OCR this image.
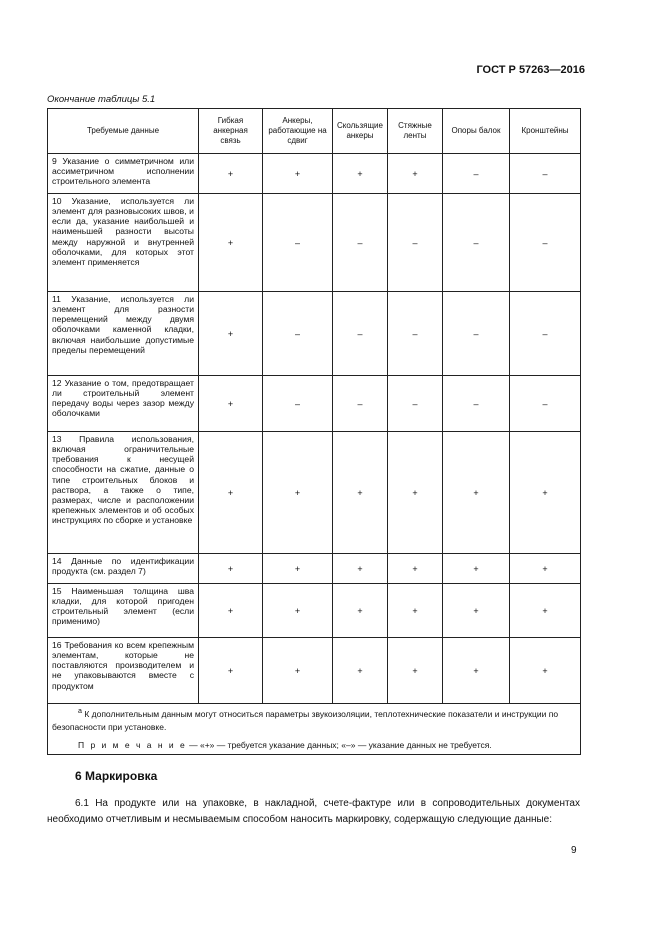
ГОСТ Р 57263—2016
Окончание таблицы 5.1
Требуемые данные	Гибкая анкерная связь	Анкеры, работающие на сдвиг	Скользящие анкеры	Стяжные ленты	Опоры балок	Кронштейны
9 Указание о симметричном или ассиметричном исполнении строительного элемента	+	+	+	+	–	–
10 Указание, используется ли элемент для разновысоких швов, и если да, указание наибольшей и наименьшей разности высоты между наружной и внутренней оболочками, для которых этот элемент применяется	+	–	–	–	–	–
11 Указание, используется ли элемент для разности перемещений между двумя оболочками каменной кладки, включая наибольшие допустимые пределы перемещений	+	–	–	–	–	–
12 Указание о том, предотвращает ли строительный элемент передачу воды через зазор между оболочками	+	–	–	–	–	–
13 Правила использования, включая ограничительные требования к несущей способности на сжатие, данные о типе строительных блоков и раствора, а также о типе, размерах, числе и расположении крепежных элементов и об особых инструкциях по сборке и установке	+	+	+	+	+	+
14 Данные по идентификации продукта (см. раздел 7)	+	+	+	+	+	+
15 Наименьшая толщина шва кладки, для которой пригоден строительный элемент (если применимо)	+	+	+	+	+	+
16 Требования ко всем крепежным элементам, которые не поставляются производителем и не упаковываются вместе с продуктом	+	+	+	+	+	+

$^a$ К дополнительным данным могут относиться параметры звукоизоляции, теплотехнические показатели и инструкции по безопасности при установке.
П р и м е ч а н и е — «+» — требуется указание данных; «–» — указание данных не требуется.						
6 Маркировка
6.1 На продукте или на упаковке, в накладной, счете-фактуре или в сопроводительных документах необходимо отчетливым и несмываемым способом наносить маркировку, содержащую следующие данные:
9
